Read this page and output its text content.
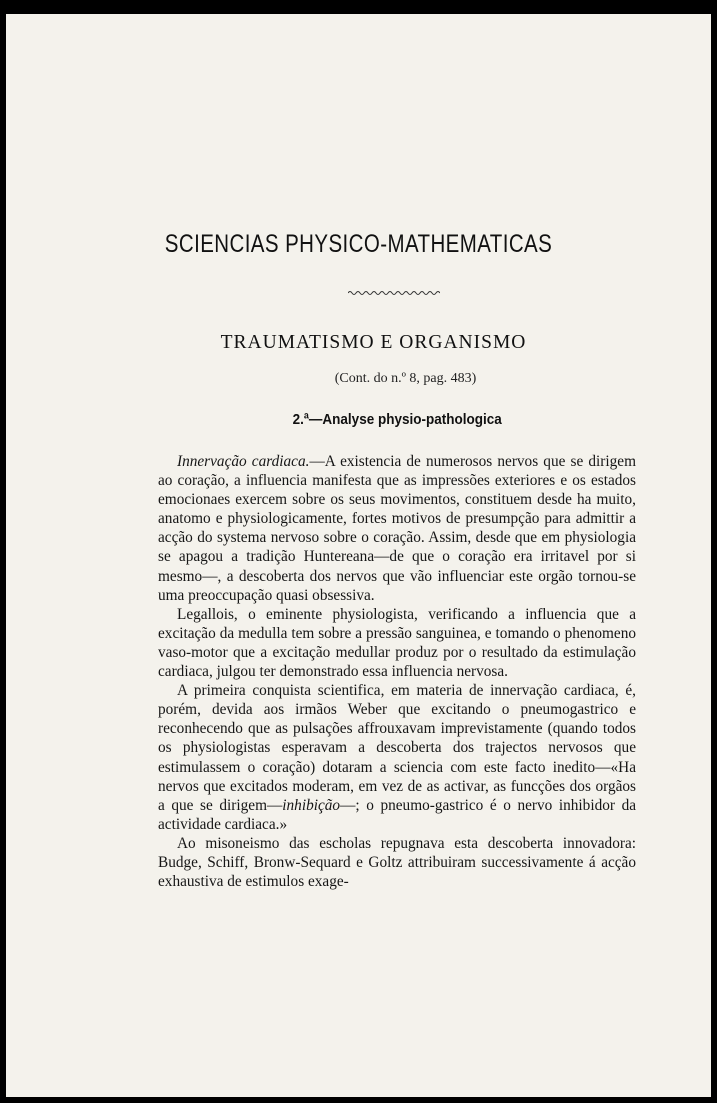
SCIENCIAS PHYSICO-MATHEMATICAS
TRAUMATISMO E ORGANISMO
(Cont. do n.º 8, pag. 483)
2.ª—Analyse physio-pathologica

Innervação cardiaca.—A existencia de numerosos nervos que se dirigem ao coração, a influencia manifesta que as impressões exteriores e os estados emocionaes exercem sobre os seus movimentos, constituem desde ha muito, anatomo e physiologicamente, fortes motivos de presumpção para admittir a acção do systema nervoso sobre o coração. Assim, desde que em physiologia se apagou a tradição Huntereana—de que o coração era irritavel por si mesmo—, a descoberta dos nervos que vão influenciar este orgão tornou-se uma preoccupação quasi obsessiva.

Legallois, o eminente physiologista, verificando a influencia que a excitação da medulla tem sobre a pressão sanguinea, e tomando o phenomeno vaso-motor que a excitação medullar produz por o resultado da estimulação cardiaca, julgou ter demonstrado essa influencia nervosa.

A primeira conquista scientifica, em materia de innervação cardiaca, é, porém, devida aos irmãos Weber que excitando o pneumogastrico e reconhecendo que as pulsações affrouxavam imprevistamente (quando todos os physiologistas esperavam a descoberta dos trajectos nervosos que estimulassem o coração) dotaram a sciencia com este facto inedito—«Ha nervos que excitados moderam, em vez de as activar, as funcções dos orgãos a que se dirigem—inhibição—; o pneumo-gastrico é o nervo inhibidor da actividade cardiaca.»

Ao misoneismo das escholas repugnava esta descoberta innovadora: Budge, Schiff, Bronw-Sequard e Goltz attribuiram successivamente á acção exhaustiva de estimulos exage-
